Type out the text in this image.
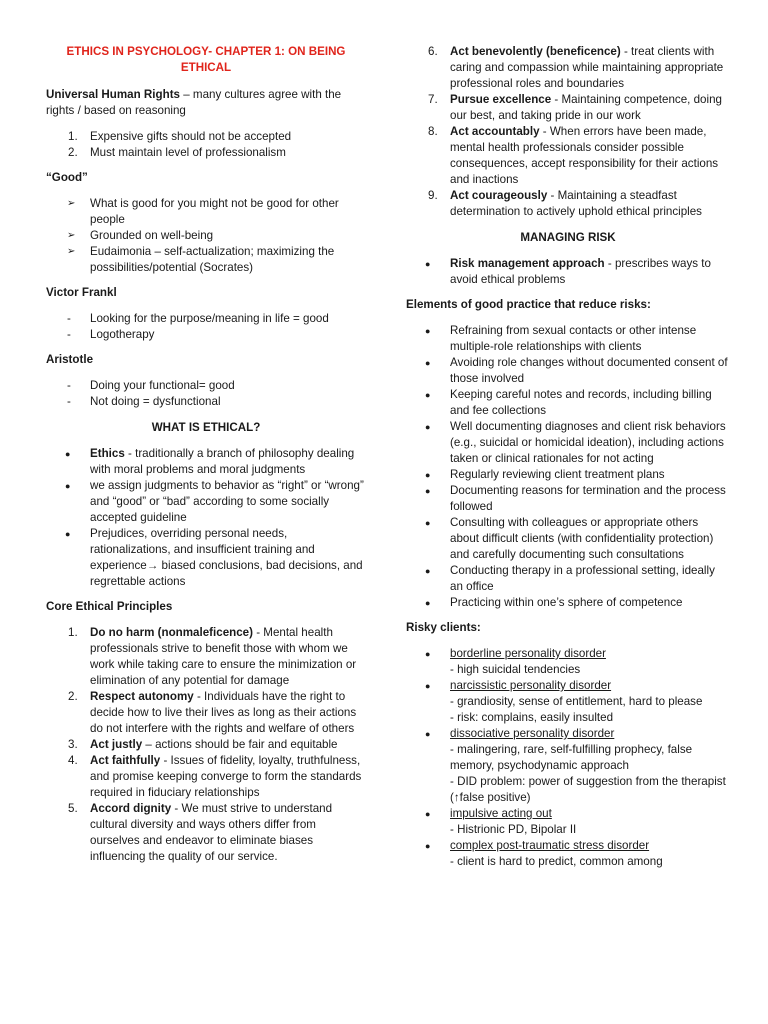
ETHICS IN PSYCHOLOGY- CHAPTER 1: ON BEING ETHICAL
Universal Human Rights – many cultures agree with the rights / based on reasoning
1.	Expensive gifts should not be accepted
2.	Must maintain level of professionalism
“Good”
➢	What is good for you might not be good for other people
➢	Grounded on well-being
➢	Eudaimonia – self-actualization; maximizing the possibilities/potential (Socrates)
Victor Frankl
-	Looking for the purpose/meaning in life = good
-	Logotherapy
Aristotle
-	Doing your functional= good
-	Not doing = dysfunctional
WHAT IS ETHICAL?
●	Ethics - traditionally a branch of philosophy dealing with moral problems and moral judgments
●	we assign judgments to behavior as “right” or “wrong” and “good” or “bad” according to some socially accepted guideline
●	Prejudices, overriding personal needs, rationalizations, and insufficient training and experience→ biased conclusions, bad decisions, and regrettable actions
Core Ethical Principles
1.	Do no harm (nonmaleficence) - Mental health professionals strive to benefit those with whom we work while taking care to ensure the minimization or elimination of any potential for damage
2.	Respect autonomy - Individuals have the right to decide how to live their lives as long as their actions do not interfere with the rights and welfare of others
3.	Act justly – actions should be fair and equitable
4.	Act faithfully - Issues of fidelity, loyalty, truthfulness, and promise keeping converge to form the standards required in fiduciary relationships
5.	Accord dignity - We must strive to understand cultural diversity and ways others differ from ourselves and endeavor to eliminate biases influencing the quality of our service.
6.	Act benevolently (beneficence) - treat clients with caring and compassion while maintaining appropriate professional roles and boundaries
7.	Pursue excellence - Maintaining competence, doing our best, and taking pride in our work
8.	Act accountably - When errors have been made, mental health professionals consider possible consequences, accept responsibility for their actions and inactions
9.	Act courageously - Maintaining a steadfast determination to actively uphold ethical principles
MANAGING RISK
●	Risk management approach - prescribes ways to avoid ethical problems
Elements of good practice that reduce risks:
●	Refraining from sexual contacts or other intense multiple-role relationships with clients
●	Avoiding role changes without documented consent of those involved
●	Keeping careful notes and records, including billing and fee collections
●	Well documenting diagnoses and client risk behaviors (e.g., suicidal or homicidal ideation), including actions taken or clinical rationales for not acting
●	Regularly reviewing client treatment plans
●	Documenting reasons for termination and the process followed
●	Consulting with colleagues or appropriate others about difficult clients (with confidentiality protection) and carefully documenting such consultations
●	Conducting therapy in a professional setting, ideally an office
●	Practicing within one’s sphere of competence
Risky clients:
●	borderline personality disorder
- high suicidal tendencies
●	narcissistic personality disorder
- grandiosity, sense of entitlement, hard to please
- risk: complains, easily insulted
●	dissociative personality disorder
- malingering, rare, self-fulfilling prophecy, false memory, psychodynamic approach
- DID problem: power of suggestion from the therapist (↑false positive)
●	impulsive acting out
- Histrionic PD, Bipolar II
●	complex post-traumatic stress disorder
- client is hard to predict, common among
